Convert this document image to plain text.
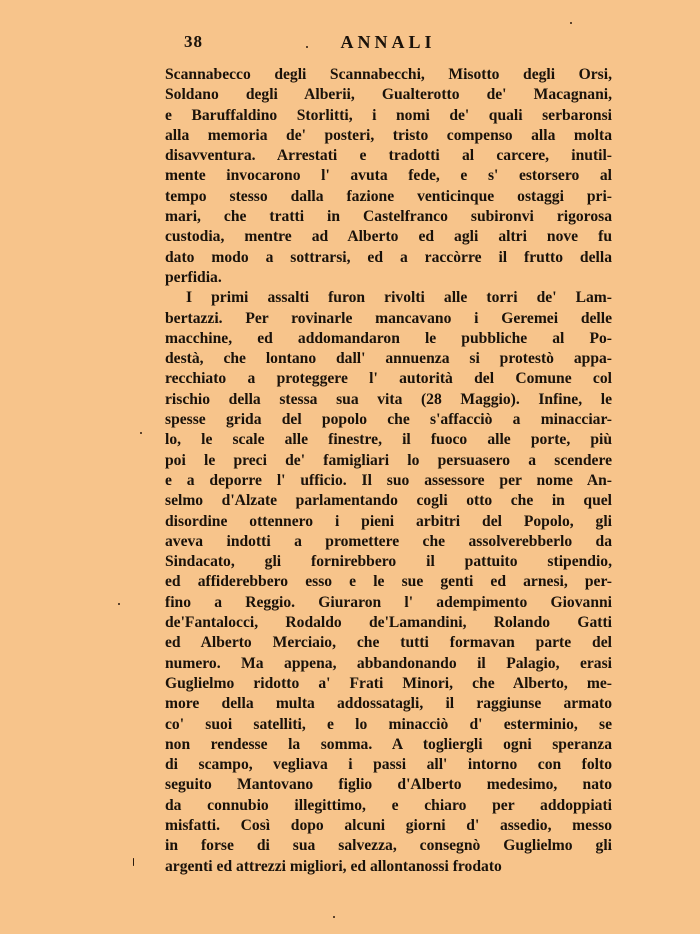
38	ANNALI
Scannabecco degli Scannabecchi, Misotto degli Orsi,
Soldano degli Alberii, Gualterotto de' Macagnani,
e Baruffaldino Storlitti, i nomi de' quali serbaronsi
alla memoria de' posteri, tristo compenso alla molta
disavventura. Arrestati e tradotti al carcere, inutil-
mente invocarono l' avuta fede, e s' estorsero al
tempo stesso dalla fazione venticinque ostaggi pri-
mari, che tratti in Castelfranco subironvi rigorosa
custodia, mentre ad Alberto ed agli altri nove fu
dato modo a sottrarsi, ed a raccòrre il frutto della
perfidia.
I primi assalti furon rivolti alle torri de' Lam-
bertazzi. Per rovinarle mancavano i Geremei delle
macchine, ed addomandaron le pubbliche al Po-
destà, che lontano dall' annuenza si protestò appa-
recchiato a proteggere l' autorità del Comune col
rischio della stessa sua vita (28 Maggio). Infine, le
spesse grida del popolo che s'affacciò a minacciar-
lo, le scale alle finestre, il fuoco alle porte, più
poi le preci de' famigliari lo persuasero a scendere
e a deporre l' ufficio. Il suo assessore per nome An-
selmo d'Alzate parlamentando cogli otto che in quel
disordine ottennero i pieni arbitri del Popolo, gli
aveva indotti a promettere che assolverebberlo da
Sindacato, gli fornirebbero il pattuito stipendio,
ed affiderebbero esso e le sue genti ed arnesi, per-
fino a Reggio. Giuraron l' adempimento Giovanni
de'Fantalocci, Rodaldo de'Lamandini, Rolando Gatti
ed Alberto Merciaio, che tutti formavan parte del
numero. Ma appena, abbandonando il Palagio, erasi
Guglielmo ridotto a' Frati Minori, che Alberto, me-
more della multa addossatagli, il raggiunse armato
co' suoi satelliti, e lo minacciò d' esterminio, se
non rendesse la somma. A togliergli ogni speranza
di scampo, vegliava i passi all' intorno con folto
seguito Mantovano figlio d'Alberto medesimo, nato
da connubio illegittimo, e chiaro per addoppiati
misfatti. Così dopo alcuni giorni d' assedio, messo
in forse di sua salvezza, consegnò Guglielmo gli
argenti ed attrezzi migliori, ed allontanossi frodato
